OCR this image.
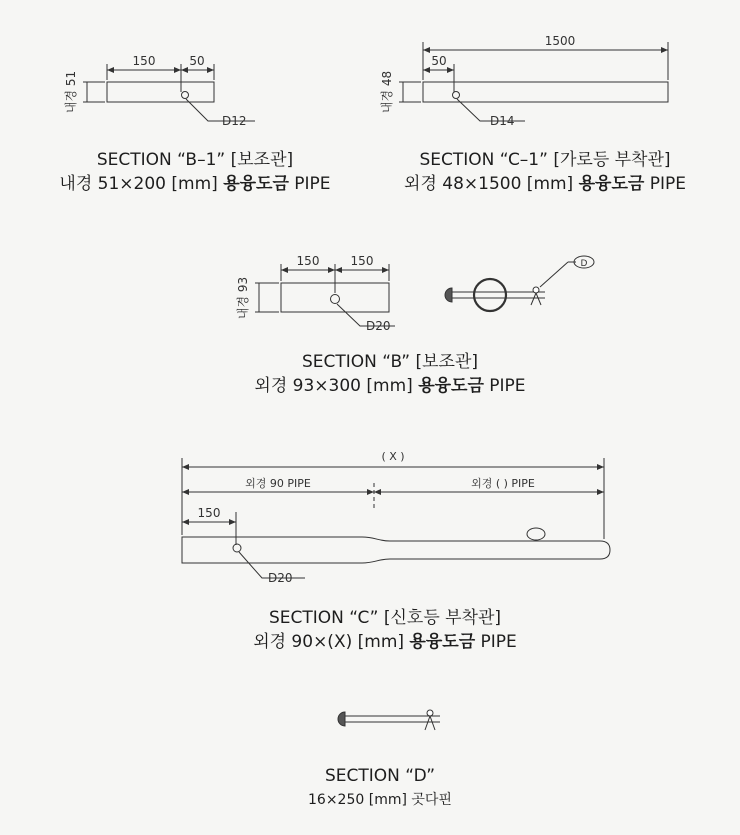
150	50
내경 51
D12
1500
50
내경 48
D14
150	150
내경 93
D20
D
( X )
외경 90 PIPE	외경 ( ) PIPE
150
D20
SECTION “B–1” [보조관]
내경 51×200 [mm] 용융도금 PIPE
SECTION “C–1” [가로등 부착관]
외경 48×1500 [mm] 용융도금 PIPE
SECTION “B” [보조관]
외경 93×300 [mm] 용융도금 PIPE
SECTION “C” [신호등 부착관]
외경 90×(X) [mm] 용융도금 PIPE
SECTION “D”
16×250 [mm] 곳다핀
